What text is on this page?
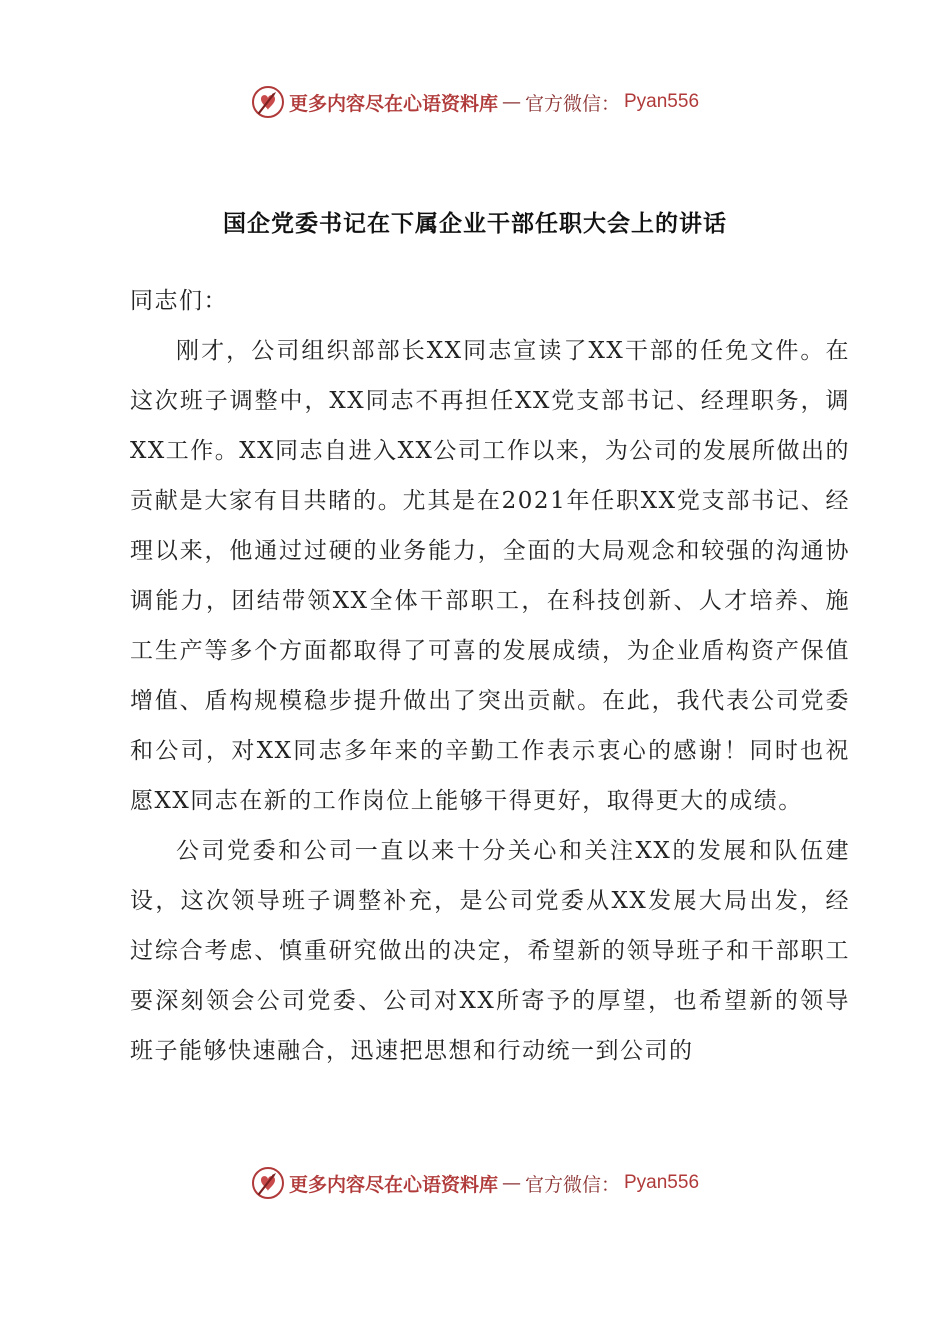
更多内容尽在心语资料库 — 官方微信： Pyan556
国企党委书记在下属企业干部任职大会上的讲话

同志们：

刚才，公司组织部部长XX同志宣读了XX干部的任免文件。在这次班子调整中，XX同志不再担任XX党支部书记、经理职务，调XX工作。XX同志自进入XX公司工作以来，为公司的发展所做出的贡献是大家有目共睹的。尤其是在2021年任职XX党支部书记、经理以来，他通过过硬的业务能力，全面的大局观念和较强的沟通协调能力，团结带领XX全体干部职工，在科技创新、人才培养、施工生产等多个方面都取得了可喜的发展成绩，为企业盾构资产保值增值、盾构规模稳步提升做出了突出贡献。在此，我代表公司党委和公司，对XX同志多年来的辛勤工作表示衷心的感谢！同时也祝愿XX同志在新的工作岗位上能够干得更好，取得更大的成绩。

公司党委和公司一直以来十分关心和关注XX的发展和队伍建设，这次领导班子调整补充，是公司党委从XX发展大局出发，经过综合考虑、慎重研究做出的决定，希望新的领导班子和干部职工要深刻领会公司党委、公司对XX所寄予的厚望，也希望新的领导班子能够快速融合，迅速把思想和行动统一到公司的

更多内容尽在心语资料库 — 官方微信： Pyan556
